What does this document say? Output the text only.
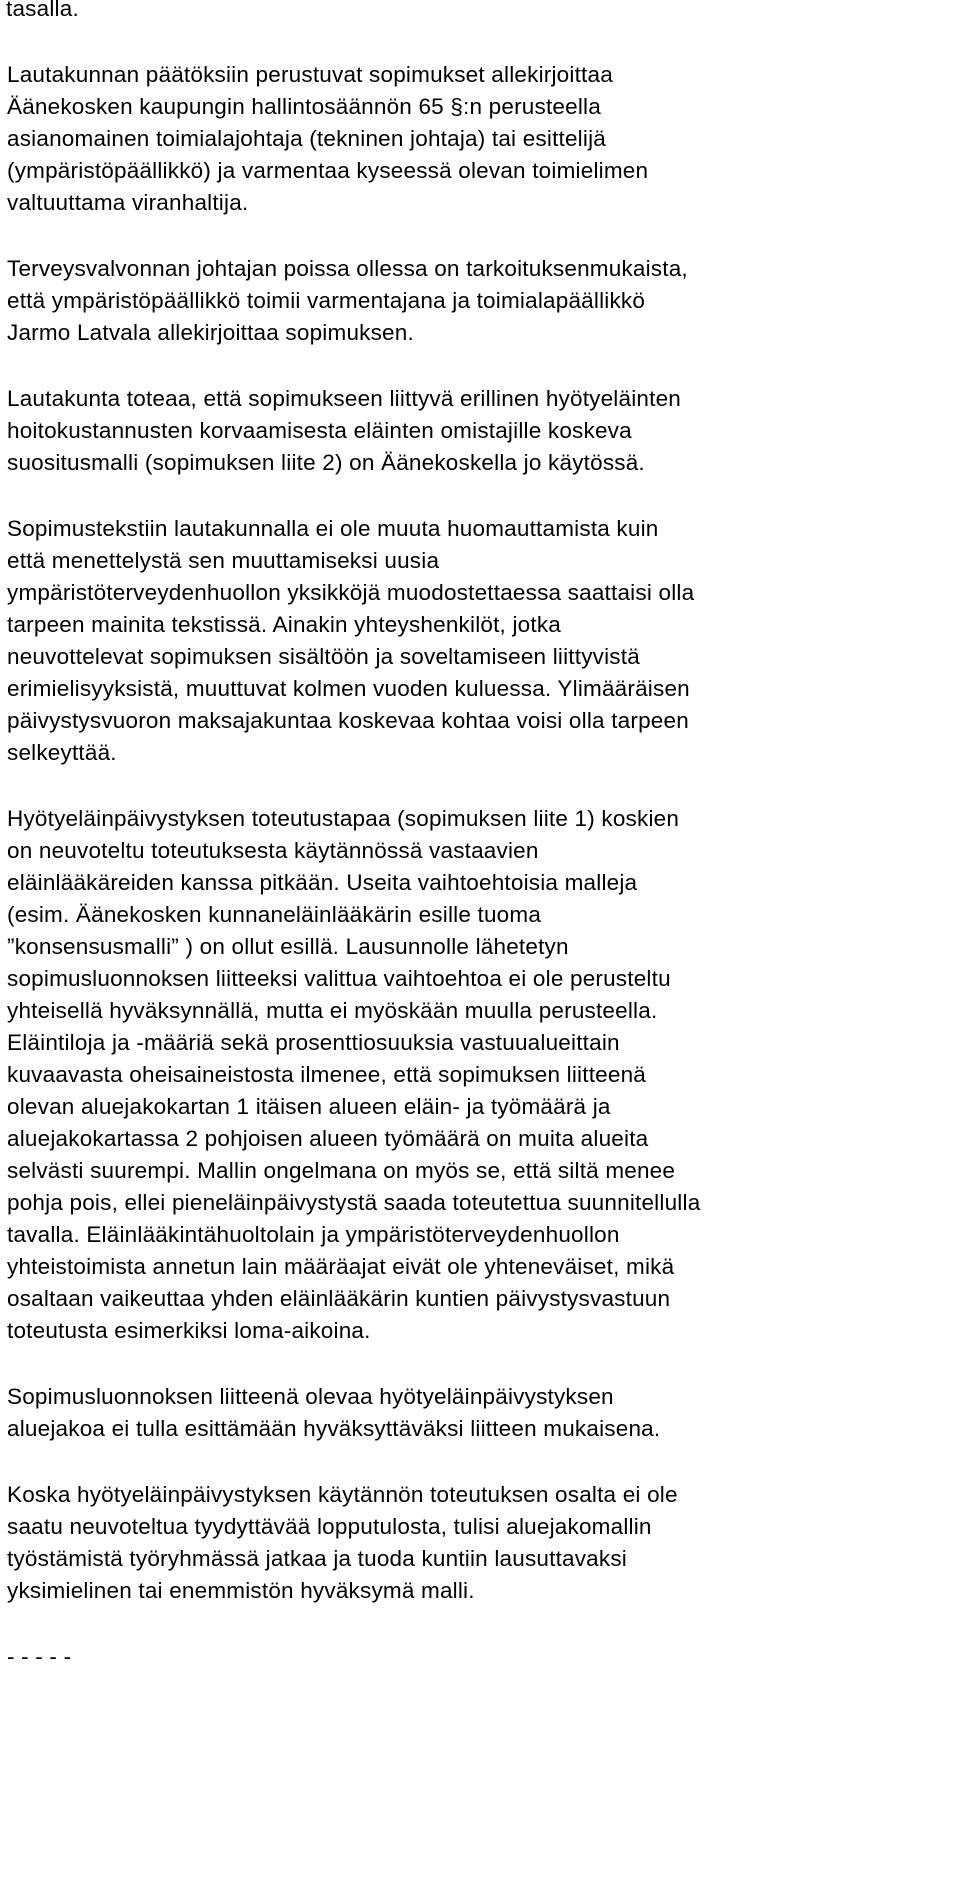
tasalla.
Lautakunnan päätöksiin perustuvat sopimukset allekirjoittaa
Äänekosken kaupungin hallintosäännön 65 §:n perusteella
asianomainen toimialajohtaja (tekninen johtaja) tai esittelijä
(ympäristöpäällikkö) ja varmentaa kyseessä olevan toimielimen
valtuuttama viranhaltija.
Terveysvalvonnan johtajan poissa ollessa on tarkoituksenmukaista,
että ympäristöpäällikkö toimii varmentajana ja toimialapäällikkö
Jarmo Latvala allekirjoittaa sopimuksen.
Lautakunta toteaa, että sopimukseen liittyvä erillinen hyötyeläinten
hoitokustannusten korvaamisesta eläinten omistajille koskeva
suositusmalli (sopimuksen liite 2) on Äänekoskella jo käytössä.
Sopimustekstiin lautakunnalla ei ole muuta huomauttamista kuin
että menettelystä sen muuttamiseksi uusia
ympäristöterveydenhuollon yksikköjä muodostettaessa saattaisi olla
tarpeen mainita tekstissä. Ainakin yhteyshenkilöt, jotka
neuvottelevat sopimuksen sisältöön ja soveltamiseen liittyvistä
erimielisyyksistä, muuttuvat kolmen vuoden kuluessa. Ylimääräisen
päivystysvuoron maksajakuntaa koskevaa kohtaa voisi olla tarpeen
selkeyttää.
Hyötyeläinpäivystyksen toteutustapaa (sopimuksen liite 1) koskien
on neuvoteltu toteutuksesta käytännössä vastaavien
eläinlääkäreiden kanssa pitkään. Useita vaihtoehtoisia malleja
(esim. Äänekosken kunnaneläinlääkärin esille tuoma
”konsensusmalli” ) on ollut esillä. Lausunnolle lähetetyn
sopimusluonnoksen liitteeksi valittua vaihtoehtoa ei ole perusteltu
yhteisellä hyväksynnällä, mutta ei myöskään muulla perusteella.
Eläintiloja ja -määriä sekä prosenttiosuuksia vastuualueittain
kuvaavasta oheisaineistosta ilmenee, että sopimuksen liitteenä
olevan aluejakokartan 1 itäisen alueen eläin- ja työmäärä ja
aluejakokartassa 2 pohjoisen alueen työmäärä on muita alueita
selvästi suurempi. Mallin ongelmana on myös se, että siltä menee
pohja pois, ellei pieneläinpäivystystä saada toteutettua suunnitellulla
tavalla. Eläinlääkintähuoltolain ja ympäristöterveydenhuollon
yhteistoimista annetun lain määräajat eivät ole yhteneväiset, mikä
osaltaan vaikeuttaa yhden eläinlääkärin kuntien päivystysvastuun
toteutusta esimerkiksi loma-aikoina.
Sopimusluonnoksen liitteenä olevaa hyötyeläinpäivystyksen
aluejakoa ei tulla esittämään hyväksyttäväksi liitteen mukaisena.
Koska hyötyeläinpäivystyksen käytännön toteutuksen osalta ei ole
saatu neuvoteltua tyydyttävää lopputulosta, tulisi aluejakomallin
työstämistä työryhmässä jatkaa ja tuoda kuntiin lausuttavaksi
yksimielinen tai enemmistön hyväksymä malli.
- - - - -
